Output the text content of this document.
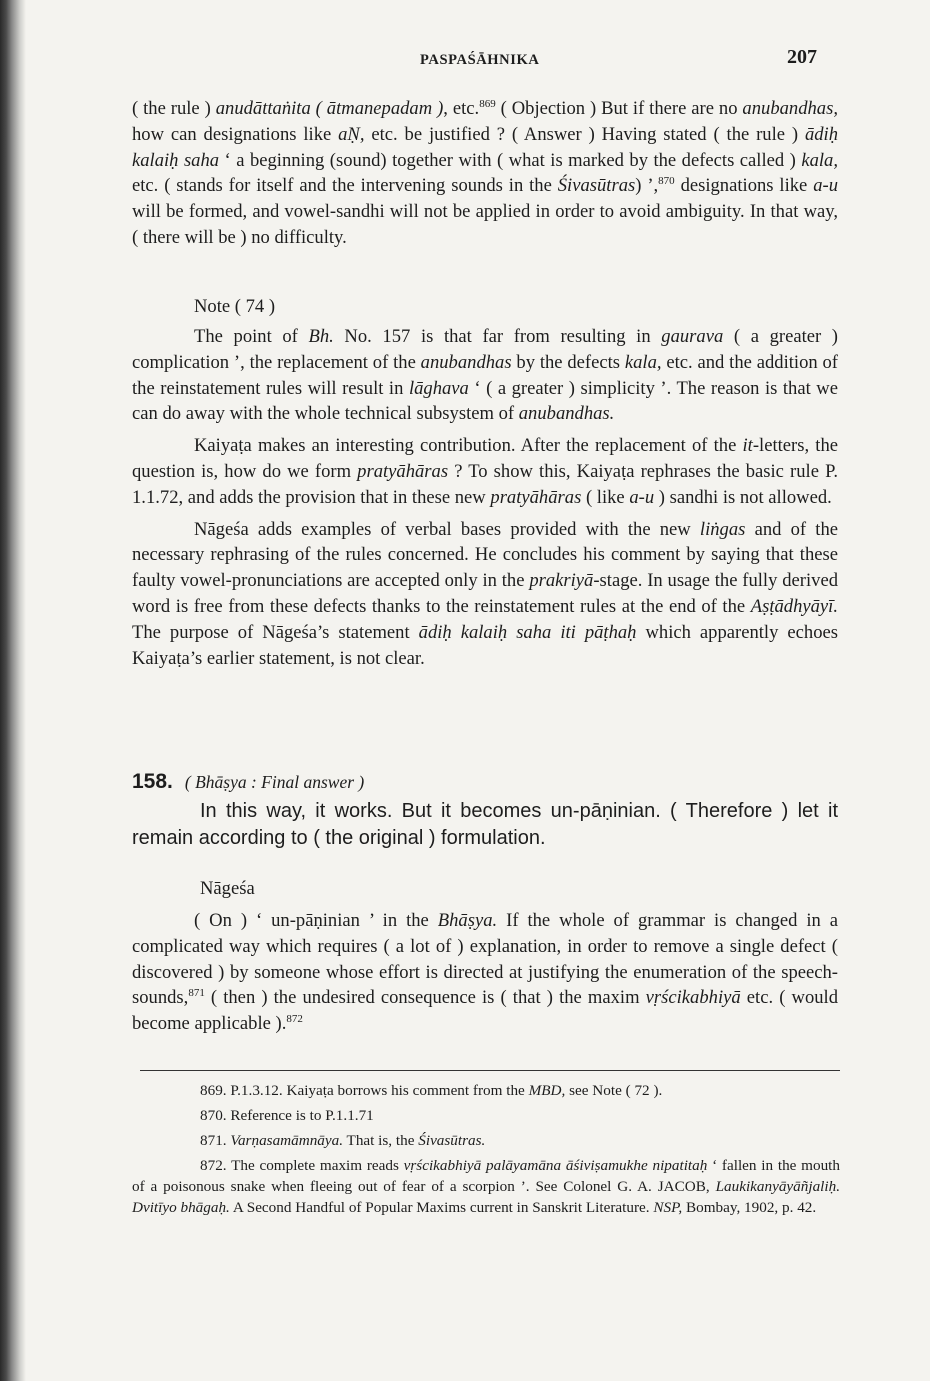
PASPAŚĀHNIKA	207

( the rule ) anudāttaṅita ( ātmanepadam ), etc.$^{869}$ ( Objection ) But if there are no anubandhas, how can designations like aṆ, etc. be justified ? ( Answer ) Having stated ( the rule ) ādiḥ kalaiḥ saha ‘ a beginning (sound) together with ( what is marked by the defects called ) kala, etc. ( stands for itself and the intervening sounds in the Śivasūtras) ’,$^{870}$ designations like a-u will be formed, and vowel-sandhi will not be applied in order to avoid ambiguity. In that way, ( there will be ) no difficulty.

Note ( 74 )

The point of Bh. No. 157 is that far from resulting in gaurava ( a greater ) complication ’, the replacement of the anubandhas by the defects kala, etc. and the addition of the reinstatement rules will result in lāghava ‘ ( a greater ) simplicity ’. The reason is that we can do away with the whole technical subsystem of anubandhas.

Kaiyaṭa makes an interesting contribution. After the replacement of the it-letters, the question is, how do we form pratyāhāras ? To show this, Kaiyaṭa rephrases the basic rule P. 1.1.72, and adds the provision that in these new pratyāhāras ( like a-u ) sandhi is not allowed.

Nāgeśa adds examples of verbal bases provided with the new liṅgas and of the necessary rephrasing of the rules concerned. He concludes his comment by saying that these faulty vowel-pronunciations are accepted only in the prakriyā-stage. In usage the fully derived word is free from these defects thanks to the reinstatement rules at the end of the Aṣṭādhyāyī. The purpose of Nāgeśa’s statement ādiḥ kalaiḥ saha iti pāṭhaḥ which apparently echoes Kaiyaṭa’s earlier statement, is not clear.

158. ( Bhāṣya : Final answer )

In this way, it works. But it becomes un-pāṇinian. ( Therefore ) let it remain according to ( the original ) formulation.

Nāgeśa

( On ) ‘ un-pāṇinian ’ in the Bhāṣya. If the whole of grammar is changed in a complicated way which requires ( a lot of ) explanation, in order to remove a single defect ( discovered ) by someone whose effort is directed at justifying the enumeration of the speech-sounds,$^{871}$ ( then ) the undesired consequence is ( that ) the maxim vṛścikabhiyā etc. ( would become applicable ).$^{872}$

869. P.1.3.12. Kaiyaṭa borrows his comment from the MBD, see Note ( 72 ).

870. Reference is to P.1.1.71

871. Varṇasamāmnāya. That is, the Śivasūtras.

872. The complete maxim reads vṛścikabhiyā palāyamāna āśiviṣamukhe nipatitaḥ ‘ fallen in the mouth of a poisonous snake when fleeing out of fear of a scorpion ’. See Colonel G. A. JACOB, Laukikanyāyāñjaliḥ. Dvitīyo bhāgaḥ. A Second Handful of Popular Maxims current in Sanskrit Literature. NSP, Bombay, 1902, p. 42.
